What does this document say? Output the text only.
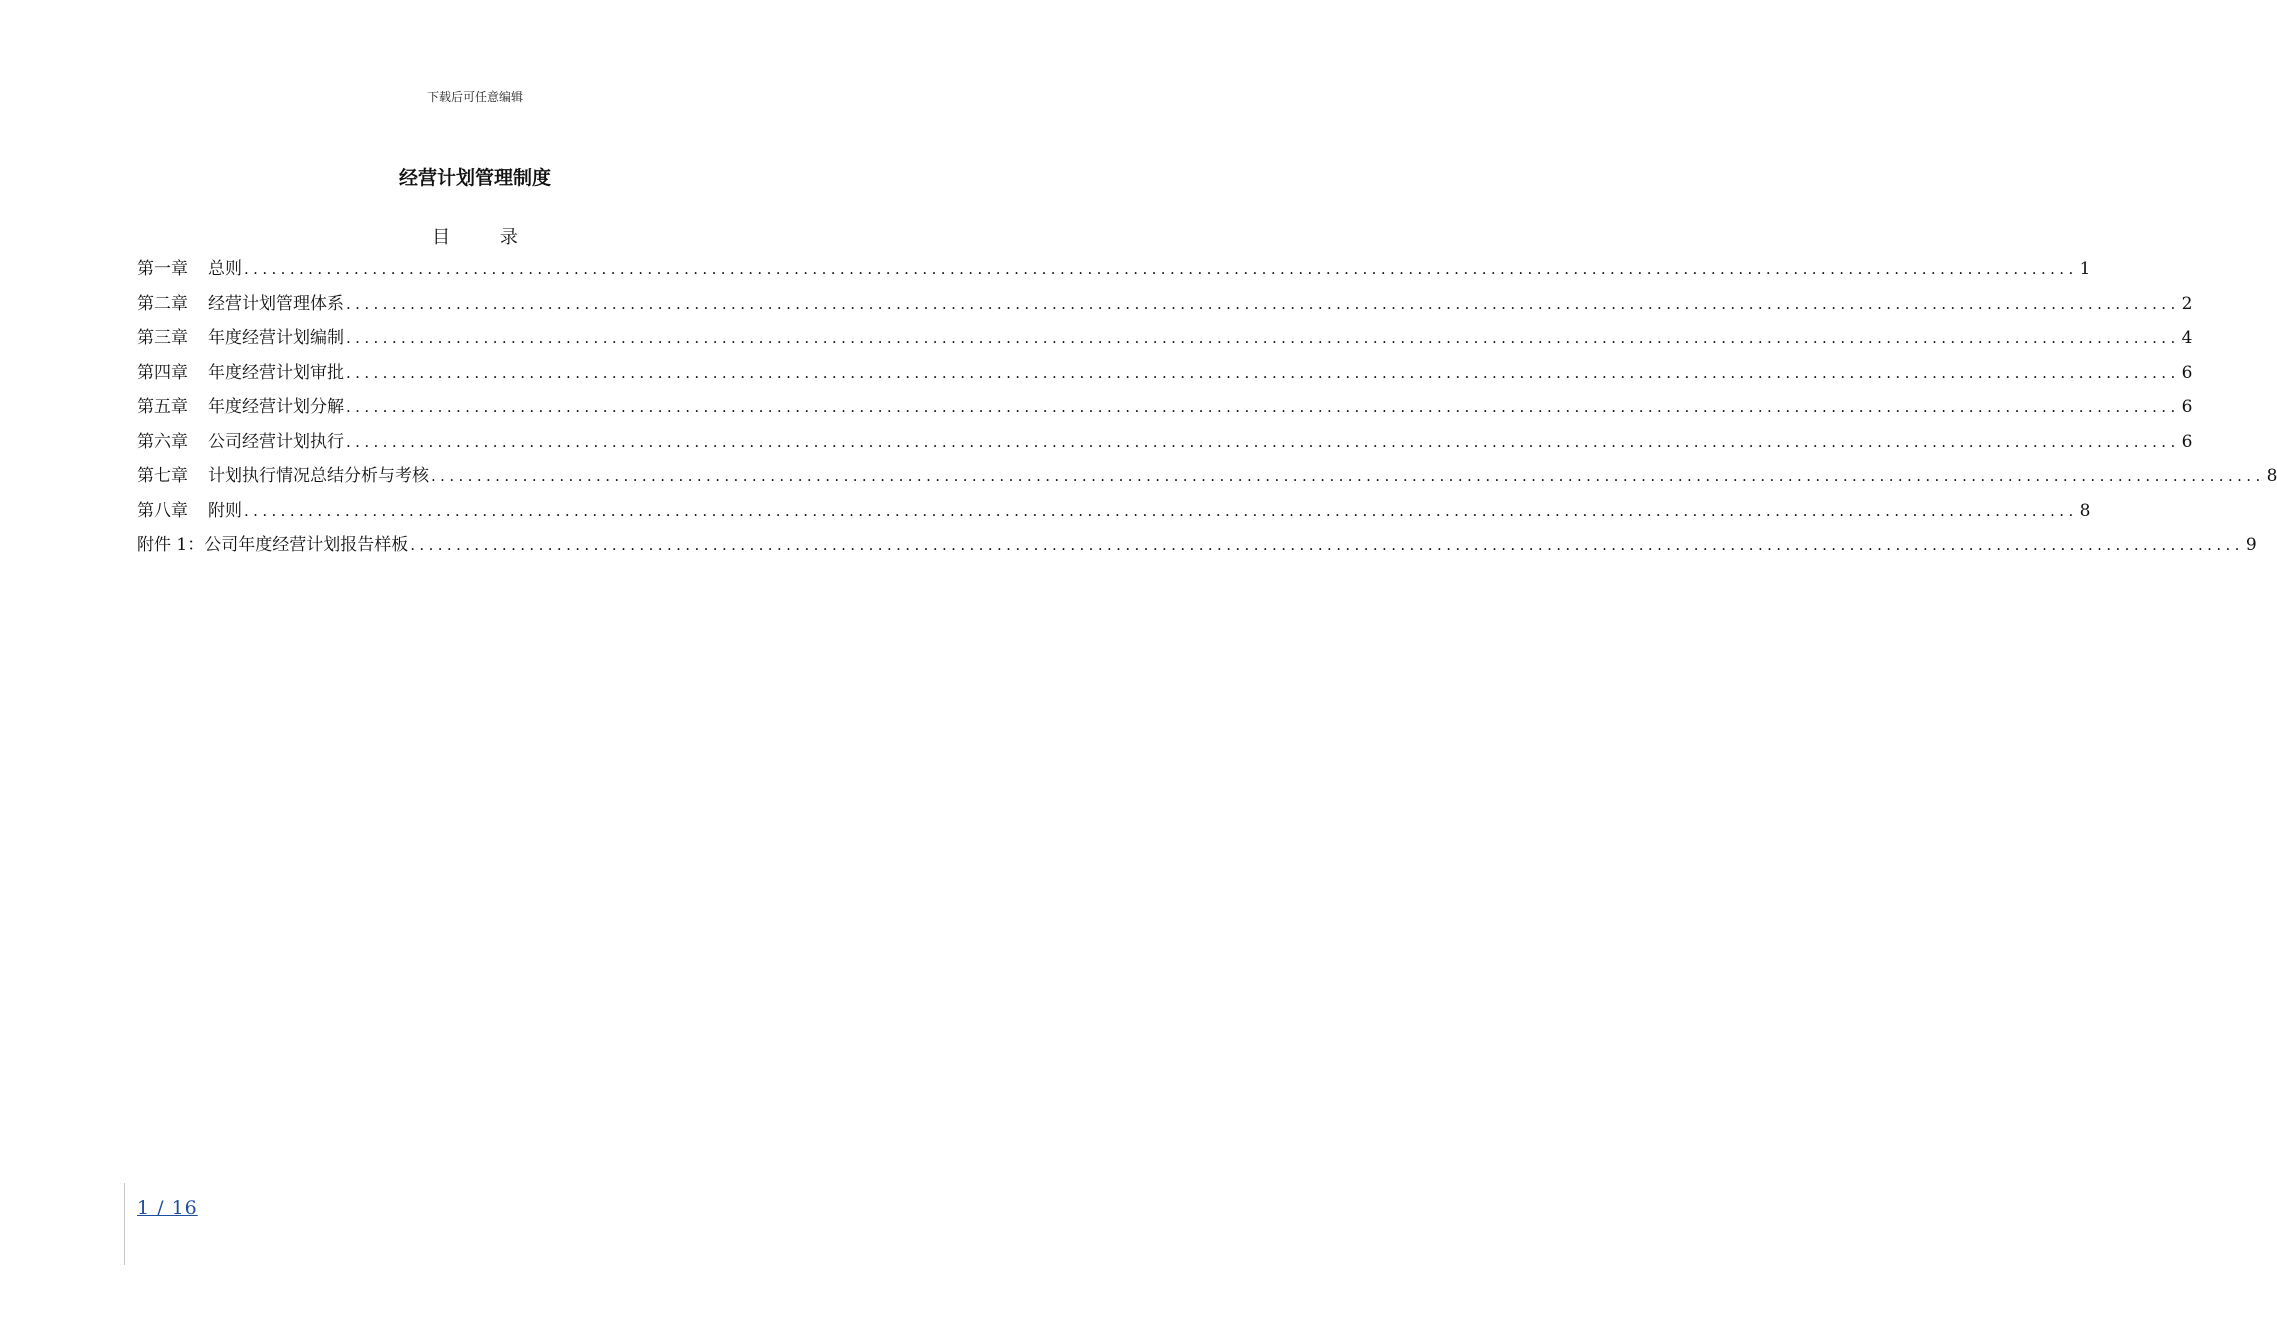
下载后可任意编辑
经营计划管理制度
目 录
第一章 总则 ........................................................................................................................................................................................................ 1
第二章 经营计划管理体系 ........................................................................................................................................................................................................ 2
第三章 年度经营计划编制 ........................................................................................................................................................................................................ 4
第四章 年度经营计划审批 ........................................................................................................................................................................................................ 6
第五章 年度经营计划分解 ........................................................................................................................................................................................................ 6
第六章 公司经营计划执行 ........................................................................................................................................................................................................ 6
第七章 计划执行情况总结分析与考核 ........................................................................................................................................................................................................ 8
第八章 附则 ........................................................................................................................................................................................................ 8
附件 1： 公司年度经营计划报告样板 ........................................................................................................................................................................................................ 9
1 / 16
